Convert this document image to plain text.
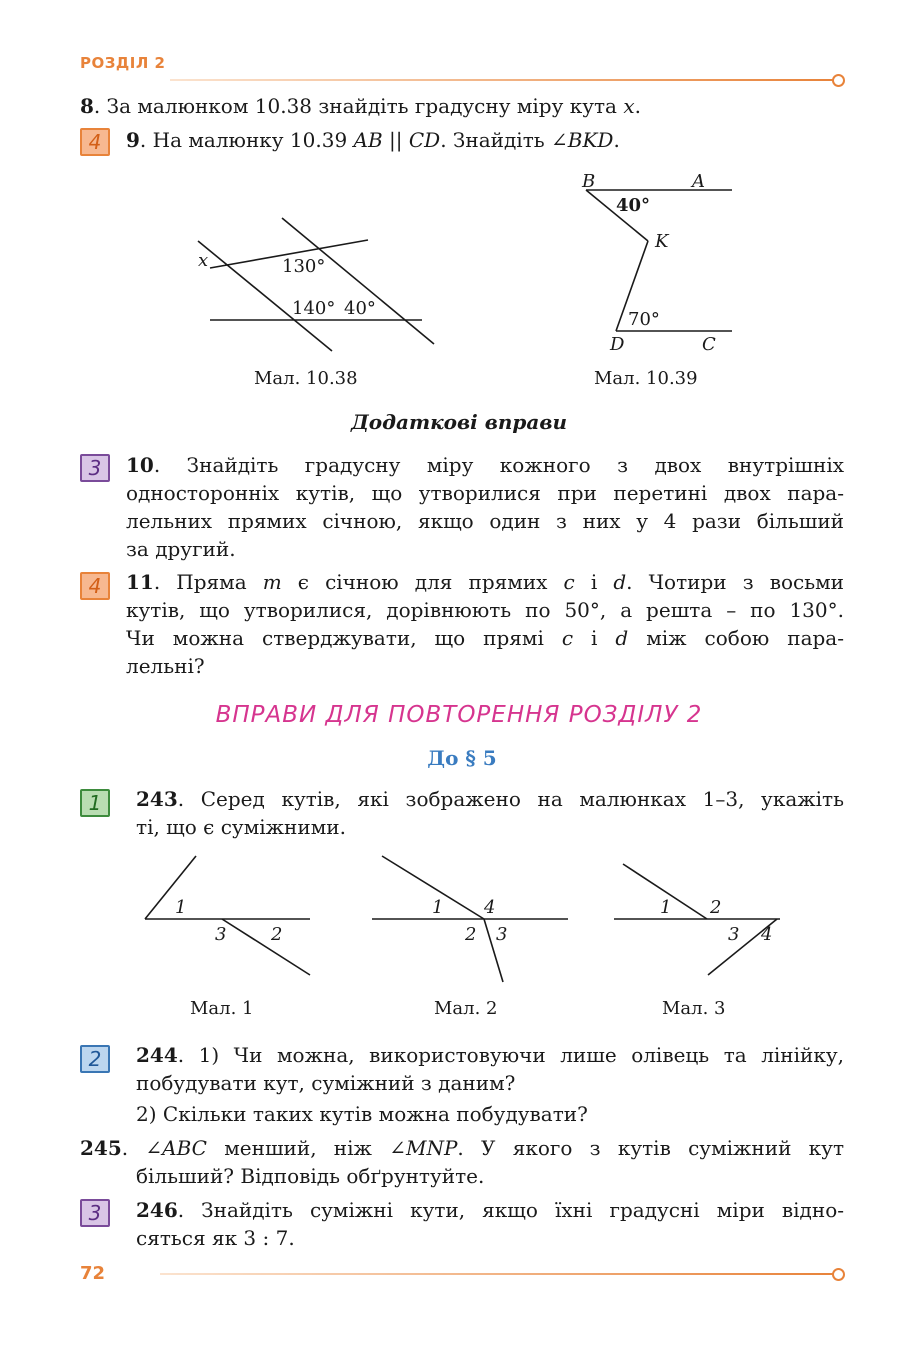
РОЗДІЛ 2
8. За малюнком 10.38 знайдіть градусну міру кута x.
4	9. На малюнку 10.39 AB || CD. Знайдіть ∠BKD.
x	130°
140° 40°
B	A
40°
K
70°
D	C
Мал. 10.38	Мал. 10.39
Додаткові вправи
3	10. Знайдіть градусну міру кожного з двох внутрішніх
односторонніх кутів, що утворилися при перетині двох пара-
лельних прямих січною, якщо один з них у 4 рази більший
за другий.
4	11. Пряма m є січною для прямих c і d. Чотири з восьми
кутів, що утворилися, дорівнюють по 50°, а решта – по 130°.
Чи можна стверджувати, що прямі c і d між собою пара-
лельні?
ВПРАВИ ДЛЯ ПОВТОРЕННЯ РОЗДІЛУ 2
До § 5
1	243. Серед кутів, які зображено на малюнках 1–3, укажіть
ті, що є суміжними.
1
3 2
1 4
2 3
1 2
3 4
Мал. 1	Мал. 2	Мал. 3
2	244. 1) Чи можна, використовуючи лише олівець та лінійку,
побудувати кут, суміжний з даним?
2) Скільки таких кутів можна побудувати?
245. ∠ABC менший, ніж ∠MNP. У якого з кутів суміжний кут
більший? Відповідь обґрунтуйте.
3	246. Знайдіть суміжні кути, якщо їхні градусні міри відно-
сяться як 3 : 7.
72
